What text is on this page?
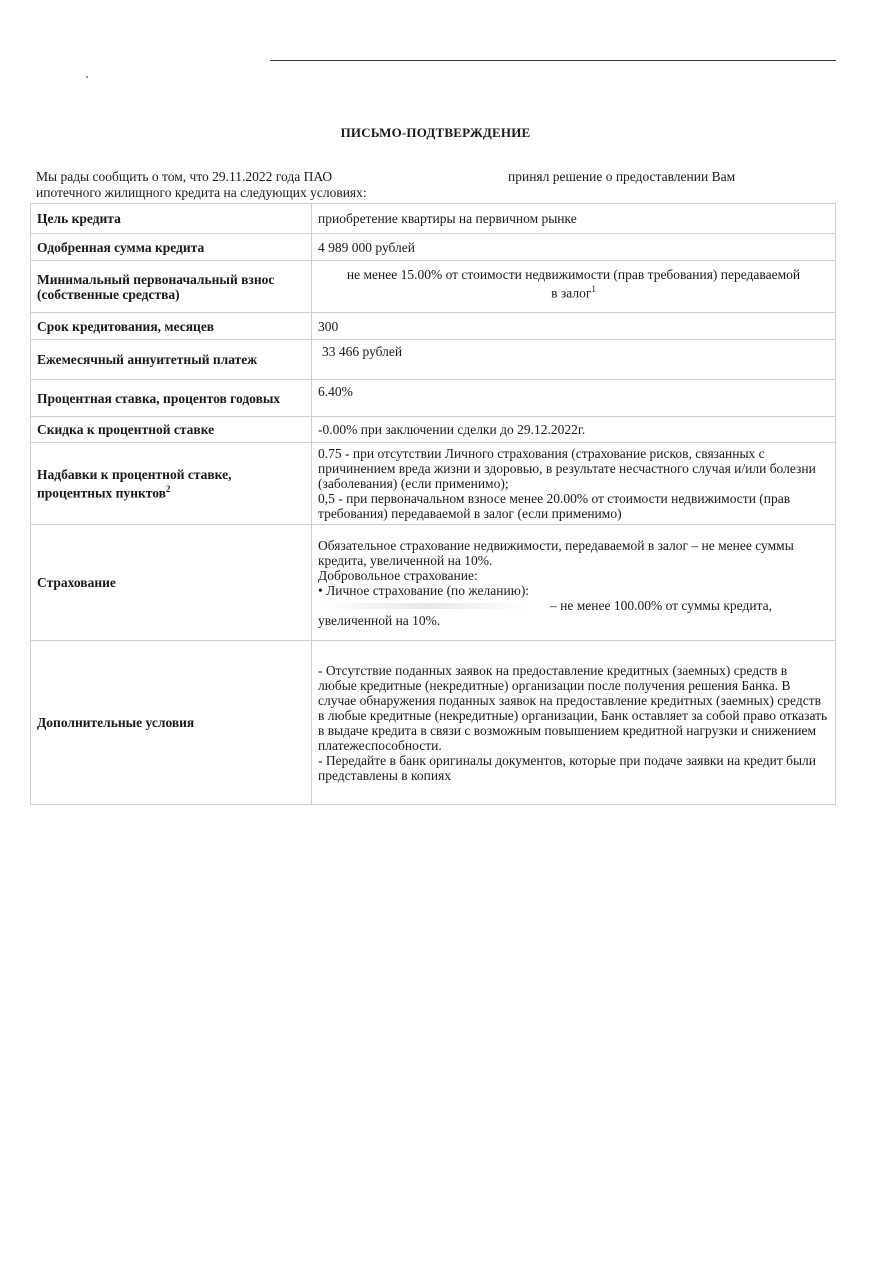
ПИСЬМО-ПОДТВЕРЖДЕНИЕ
Мы рады сообщить о том, что 29.11.2022 года ПАО	принял решение о предоставлении Вам
ипотечного жилищного кредита на следующих условиях:
Цель кредита	приобретение квартиры на первичном рынке
Одобренная сумма кредита	4 989 000 рублей
Минимальный первоначальный взнос (собственные средства)	не менее 15.00% от стоимости недвижимости (прав требования) передаваемой
в залог$^1$
Срок кредитования, месяцев	300
Ежемесячный аннуитетный платеж	33 466 рублей
Процентная ставка, процентов годовых	6.40%
Скидка к процентной ставке	-0.00% при заключении сделки до 29.12.2022г.
Надбавки к процентной ставке, процентных пунктов$^2$	0.75 - при отсутствии Личного страхования (страхование рисков, связанных с причинением вреда жизни и здоровью, в результате несчастного случая и/или болезни (заболевания) (если применимо);
0,5 - при первоначальном взносе менее 20.00% от стоимости недвижимости (прав требования) передаваемой в залог (если применимо)

Страхование	Обязательное страхование недвижимости, передаваемой в залог – не менее суммы кредита, увеличенной на 10%.
Добровольное страхование:
• Личное страхование (по желанию):
– не менее 100.00% от суммы кредита,
увеличенной на 10%.

Дополнительные условия	- Отсутствие поданных заявок на предоставление кредитных (заемных) средств в любые кредитные (некредитные) организации после получения решения Банка. В случае обнаружения поданных заявок на предоставление кредитных (заемных) средств в любые кредитные (некредитные) организации, Банк оставляет за собой право отказать в выдаче кредита в связи с возможным повышением кредитной нагрузки и снижением платежеспособности.
- Передайте в банк оригиналы документов, которые при подаче заявки на кредит были представлены в копиях
